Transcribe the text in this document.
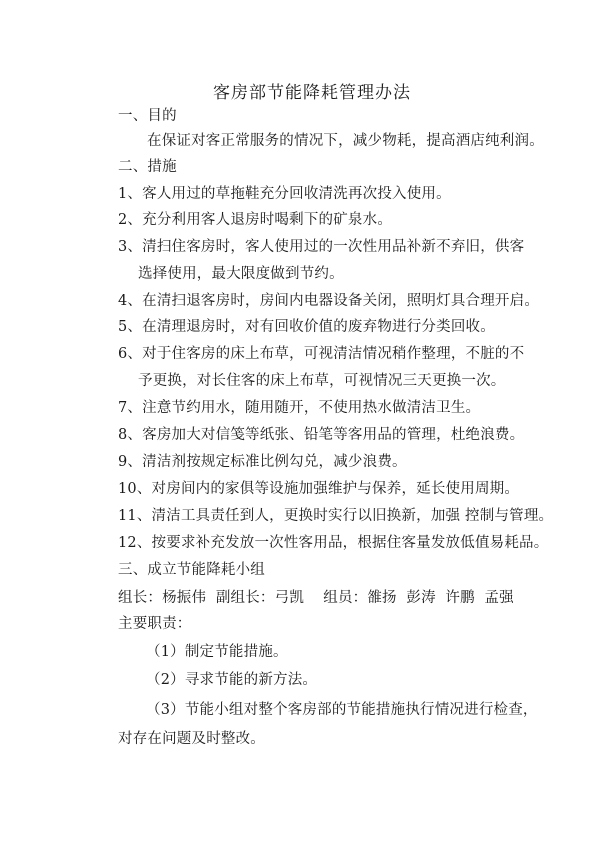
客房部节能降耗管理办法
一、目的
在保证对客正常服务的情况下，减少物耗，提高酒店纯利润。
二、措施
1、客人用过的草拖鞋充分回收清洗再次投入使用。
2、充分利用客人退房时喝剩下的矿泉水。
3、清扫住客房时，客人使用过的一次性用品补新不弃旧，供客
选择使用，最大限度做到节约。
4、在清扫退客房时，房间内电器设备关闭，照明灯具合理开启。
5、在清理退房时，对有回收价值的废弃物进行分类回收。
6、对于住客房的床上布草，可视清洁情况稍作整理，不脏的不
予更换，对长住客的床上布草，可视情况三天更换一次。
7、注意节约用水，随用随开，不使用热水做清洁卫生。
8、客房加大对信笺等纸张、铅笔等客用品的管理，杜绝浪费。
9、清洁剂按规定标准比例勾兑，减少浪费。
10、对房间内的家俱等设施加强维护与保养，延长使用周期。
11、清洁工具责任到人，更换时实行以旧换新，加强 控制与管理。
12、按要求补充发放一次性客用品，根据住客量发放低值易耗品。
三、成立节能降耗小组
组长：杨振伟  副组长：弓凯    组员：雒扬  彭涛  许鹏  孟强
主要职责：
（1）制定节能措施。
（2）寻求节能的新方法。
（3）节能小组对整个客房部的节能措施执行情况进行检查，
对存在问题及时整改。
